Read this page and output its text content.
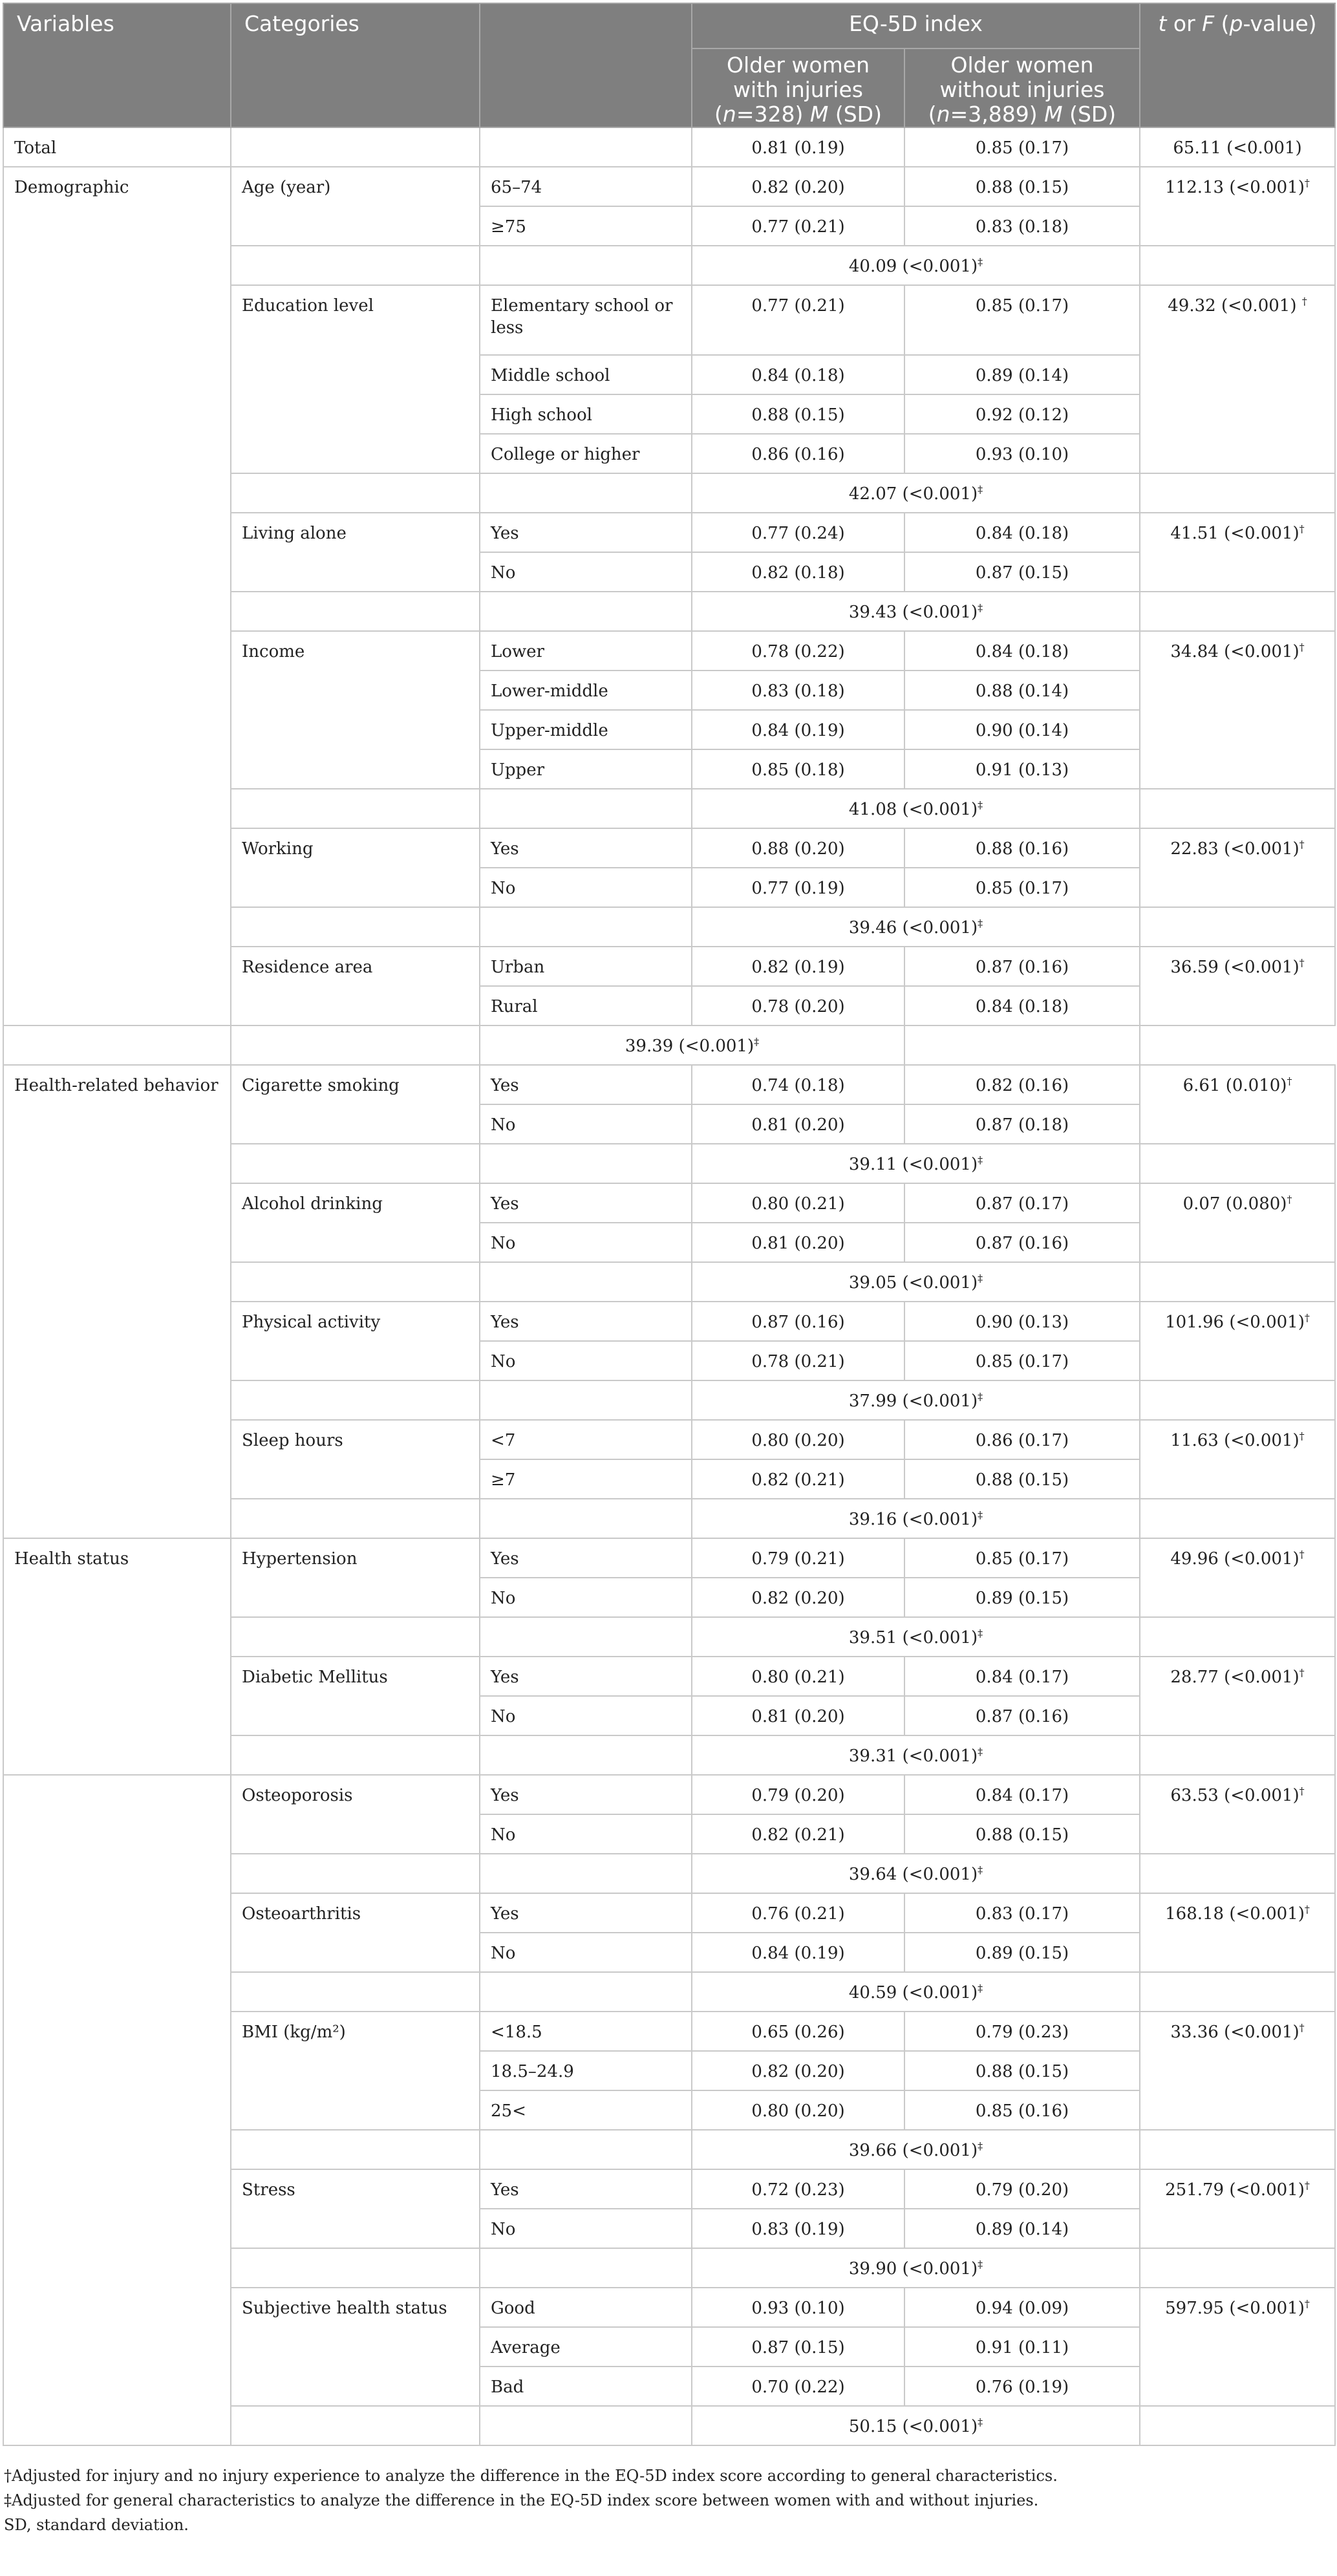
Variables	Categories		EQ-5D index		t or F (p-value)
			Older women with injuries (n=328) M (SD)	Older women without injuries (n=3,889) M (SD)	
Total			0.81 (0.19)	0.85 (0.17)	65.11 (<0.001)
Demographic	Age (year)	65–74	0.82 (0.20)	0.88 (0.15)	112.13 (<0.001)†
		≥75	0.77 (0.21)	0.83 (0.18)	
			40.09 (<0.001)‡	
	Education level	Elementary school or less	0.77 (0.21)	0.85 (0.17)	49.32 (<0.001) †
		Middle school	0.84 (0.18)	0.89 (0.14)	
		High school	0.88 (0.15)	0.92 (0.12)	
		College or higher	0.86 (0.16)	0.93 (0.10)	
			42.07 (<0.001)‡	
	Living alone	Yes	0.77 (0.24)	0.84 (0.18)	41.51 (<0.001)†
		No	0.82 (0.18)	0.87 (0.15)	
			39.43 (<0.001)‡	
	Income	Lower	0.78 (0.22)	0.84 (0.18)	34.84 (<0.001)†
		Lower-middle	0.83 (0.18)	0.88 (0.14)	
		Upper-middle	0.84 (0.19)	0.90 (0.14)	
		Upper	0.85 (0.18)	0.91 (0.13)	
			41.08 (<0.001)‡	
	Working	Yes	0.88 (0.20)	0.88 (0.16)	22.83 (<0.001)†
		No	0.77 (0.19)	0.85 (0.17)	
			39.46 (<0.001)‡	
	Residence area	Urban	0.82 (0.19)	0.87 (0.16)	36.59 (<0.001)†
		Rural	0.78 (0.20)	0.84 (0.18)	
		39.39 (<0.001)‡	
Health-related behavior	Cigarette smoking	Yes	0.74 (0.18)	0.82 (0.16)	6.61 (0.010)†
		No	0.81 (0.20)	0.87 (0.18)	
			39.11 (<0.001)‡	
	Alcohol drinking	Yes	0.80 (0.21)	0.87 (0.17)	0.07 (0.080)†
		No	0.81 (0.20)	0.87 (0.16)	
			39.05 (<0.001)‡	
	Physical activity	Yes	0.87 (0.16)	0.90 (0.13)	101.96 (<0.001)†
		No	0.78 (0.21)	0.85 (0.17)	
			37.99 (<0.001)‡	
	Sleep hours	<7	0.80 (0.20)	0.86 (0.17)	11.63 (<0.001)†
		≥7	0.82 (0.21)	0.88 (0.15)	
			39.16 (<0.001)‡	
Health status	Hypertension	Yes	0.79 (0.21)	0.85 (0.17)	49.96 (<0.001)†
		No	0.82 (0.20)	0.89 (0.15)	
			39.51 (<0.001)‡	
	Diabetic Mellitus	Yes	0.80 (0.21)	0.84 (0.17)	28.77 (<0.001)†
		No	0.81 (0.20)	0.87 (0.16)	
			39.31 (<0.001)‡	
	Osteoporosis	Yes	0.79 (0.20)	0.84 (0.17)	63.53 (<0.001)†
		No	0.82 (0.21)	0.88 (0.15)	
			39.64 (<0.001)‡	
	Osteoarthritis	Yes	0.76 (0.21)	0.83 (0.17)	168.18 (<0.001)†
		No	0.84 (0.19)	0.89 (0.15)	
			40.59 (<0.001)‡	
	BMI (kg/m²)	<18.5	0.65 (0.26)	0.79 (0.23)	33.36 (<0.001)†
		18.5–24.9	0.82 (0.20)	0.88 (0.15)	
		25<	0.80 (0.20)	0.85 (0.16)	
			39.66 (<0.001)‡	
	Stress	Yes	0.72 (0.23)	0.79 (0.20)	251.79 (<0.001)†
		No	0.83 (0.19)	0.89 (0.14)	
			39.90 (<0.001)‡	
	Subjective health status	Good	0.93 (0.10)	0.94 (0.09)	597.95 (<0.001)†
		Average	0.87 (0.15)	0.91 (0.11)	
		Bad	0.70 (0.22)	0.76 (0.19)	
			50.15 (<0.001)‡	
†Adjusted for injury and no injury experience to analyze the difference in the EQ-5D index score according to general characteristics.
‡Adjusted for general characteristics to analyze the difference in the EQ-5D index score between women with and without injuries.
SD, standard deviation.
